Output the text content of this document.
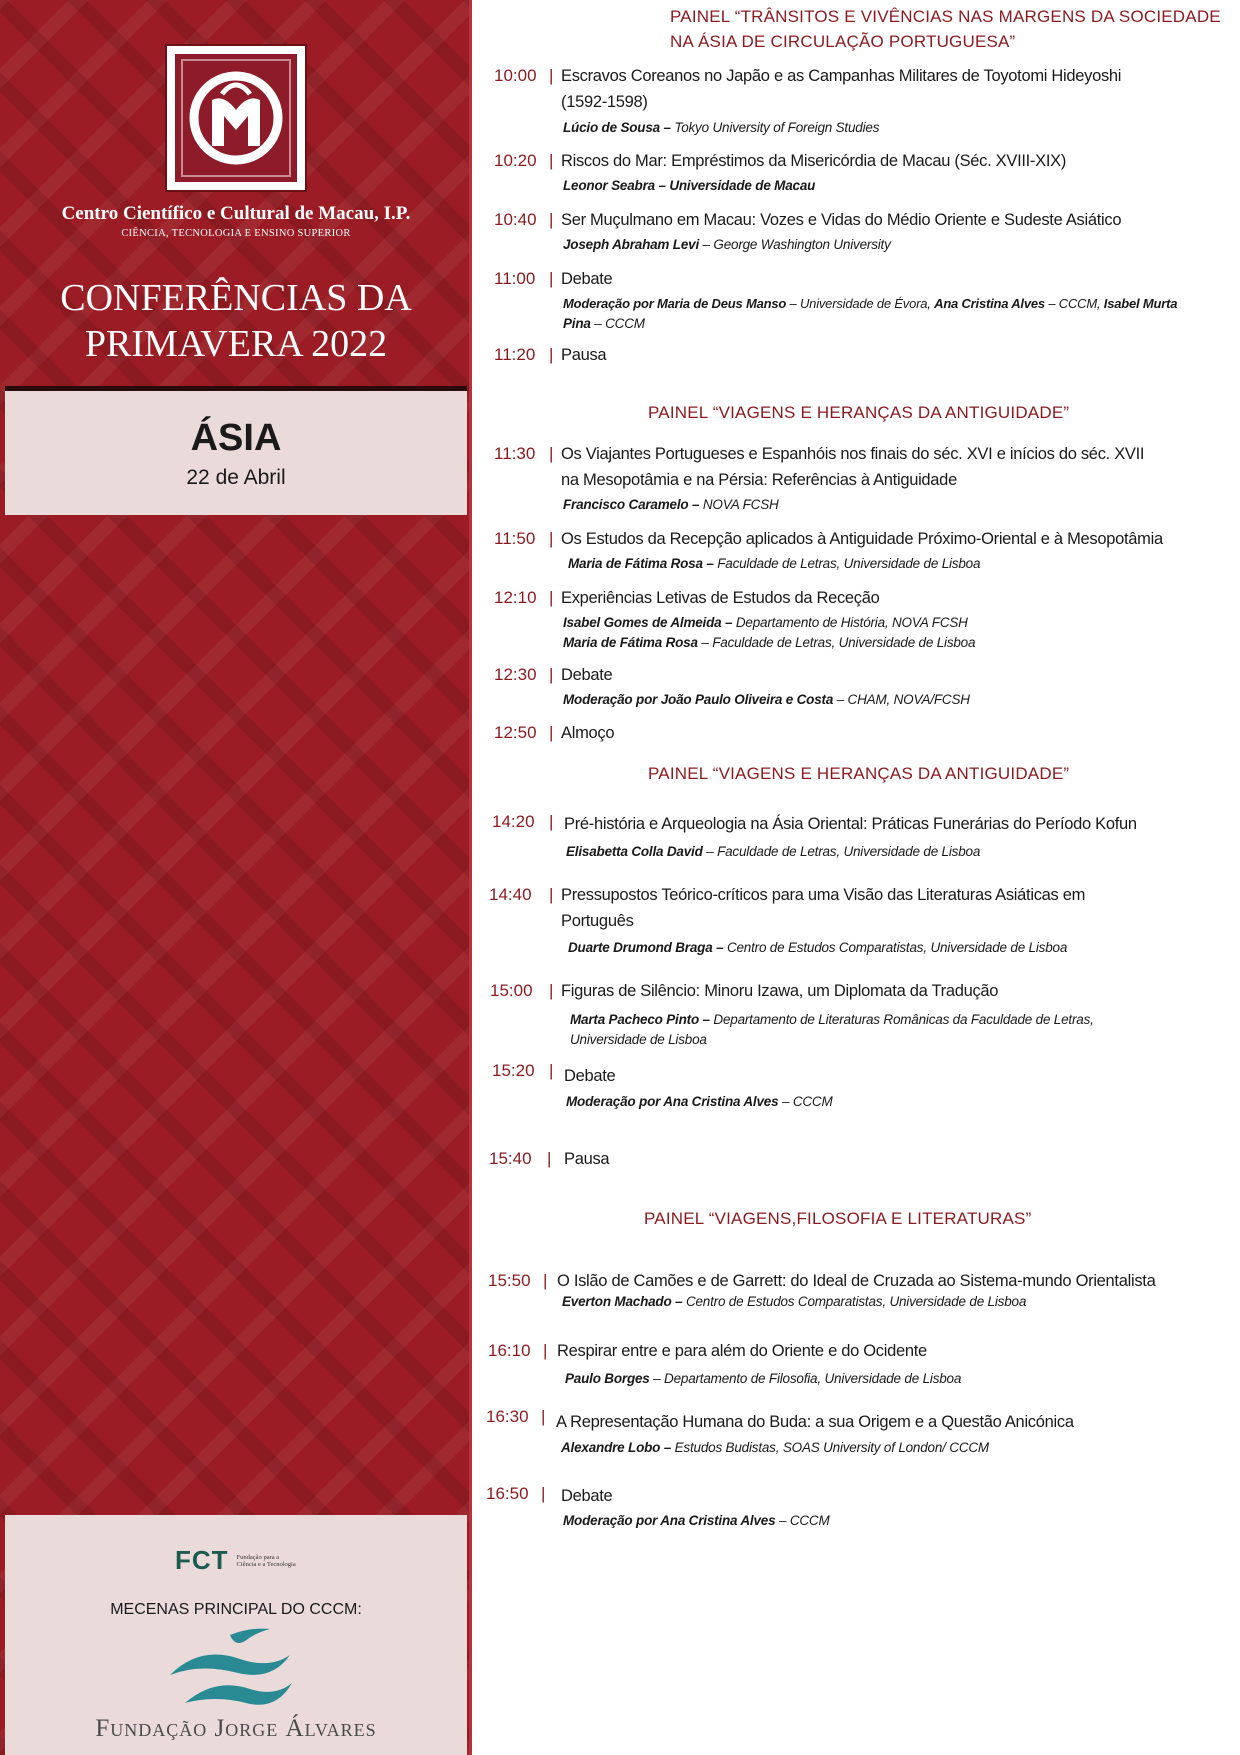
Centro Científico e Cultural de Macau, I.P.
CIÊNCIA, TECNOLOGIA E ENSINO SUPERIOR
CONFERÊNCIAS DA
PRIMAVERA 2022
ÁSIA
22 de Abril
FCT Fundação para a Ciência e a Tecnologia
MECENAS PRINCIPAL DO CCCM:
Fundação Jorge Álvares
PAINEL “TRÂNSITOS E VIVÊNCIAS NAS MARGENS DA SOCIEDADE
NA ÁSIA DE CIRCULAÇÃO PORTUGUESA”
10:00 | Escravos Coreanos no Japão e as Campanhas Militares de Toyotomi Hideyoshi
(1592-1598)
Lúcio de Sousa – Tokyo University of Foreign Studies
10:20 | Riscos do Mar: Empréstimos da Misericórdia de Macau (Séc. XVIII-XIX)
Leonor Seabra – Universidade de Macau
10:40 | Ser Muçulmano em Macau: Vozes e Vidas do Médio Oriente e Sudeste Asiático
Joseph Abraham Levi – George Washington University
11:00 | Debate
Moderação por Maria de Deus Manso – Universidade de Évora, Ana Cristina Alves – CCCM, Isabel Murta
Pina – CCCM
11:20 | Pausa
PAINEL “VIAGENS E HERANÇAS DA ANTIGUIDADE”
11:30 | Os Viajantes Portugueses e Espanhóis nos finais do séc. XVI e inícios do séc. XVII
na Mesopotâmia e na Pérsia: Referências à Antiguidade
Francisco Caramelo – NOVA FCSH
11:50 | Os Estudos da Recepção aplicados à Antiguidade Próximo-Oriental e à Mesopotâmia
Maria de Fátima Rosa – Faculdade de Letras, Universidade de Lisboa
12:10 | Experiências Letivas de Estudos da Receção
Isabel Gomes de Almeida – Departamento de História, NOVA FCSH
Maria de Fátima Rosa – Faculdade de Letras, Universidade de Lisboa
12:30 | Debate
Moderação por João Paulo Oliveira e Costa – CHAM, NOVA/FCSH
12:50 | Almoço
PAINEL “VIAGENS E HERANÇAS DA ANTIGUIDADE”
14:20 | Pré-história e Arqueologia na Ásia Oriental: Práticas Funerárias do Período Kofun
Elisabetta Colla David – Faculdade de Letras, Universidade de Lisboa
14:40 | Pressupostos Teórico-críticos para uma Visão das Literaturas Asiáticas em
Português
Duarte Drumond Braga – Centro de Estudos Comparatistas, Universidade de Lisboa
15:00 | Figuras de Silêncio: Minoru Izawa, um Diplomata da Tradução
Marta Pacheco Pinto – Departamento de Literaturas Românicas da Faculdade de Letras,
Universidade de Lisboa
15:20 | Debate
Moderação por Ana Cristina Alves – CCCM
15:40 | Pausa
PAINEL “VIAGENS,FILOSOFIA E LITERATURAS”
15:50 | O Islão de Camões e de Garrett: do Ideal de Cruzada ao Sistema-mundo Orientalista
Everton Machado – Centro de Estudos Comparatistas, Universidade de Lisboa
16:10 | Respirar entre e para além do Oriente e do Ocidente
Paulo Borges – Departamento de Filosofia, Universidade de Lisboa
16:30 | A Representação Humana do Buda: a sua Origem e a Questão Anicónica
Alexandre Lobo – Estudos Budistas, SOAS University of London/ CCCM
16:50 | Debate
Moderação por Ana Cristina Alves – CCCM
